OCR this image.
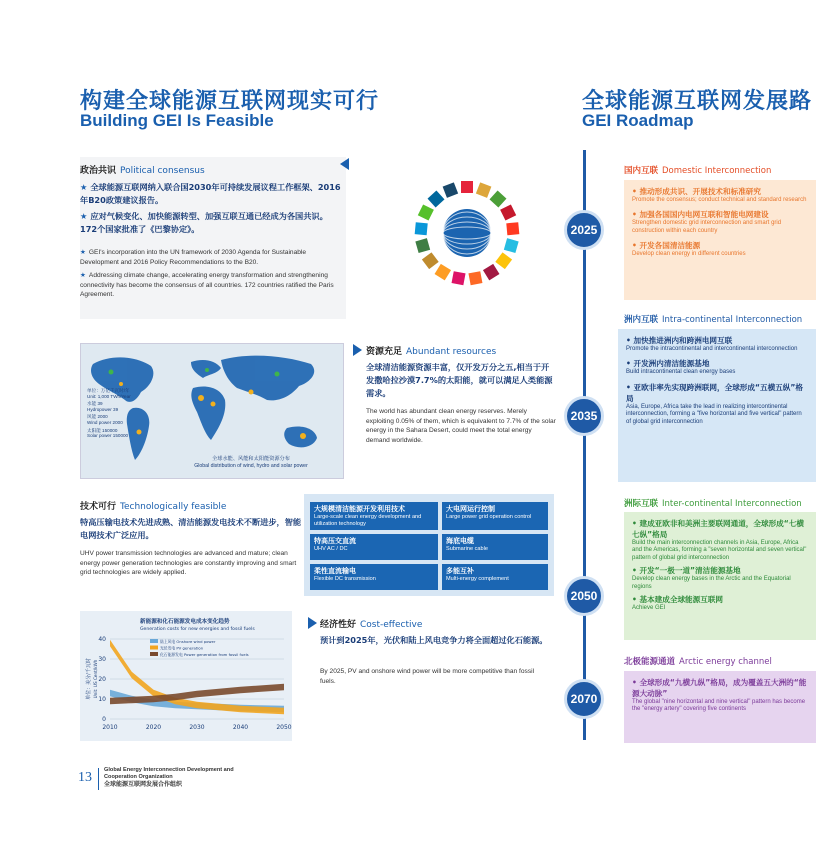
构建全球能源互联网现实可行
Building GEI Is Feasible
全球能源互联网发展路
GEI Roadmap
政治共识 Political consensus
★ 全球能源互联网纳入联合国2030年可持续发展议程工作框架、2016年B20政策建议报告。
★ 应对气候变化、加快能源转型、加强互联互通已经成为各国共识。172个国家批准了《巴黎协定》。
★ GEI's incorporation into the UN framework of 2030 Agenda for Sustainable Development and 2016 Policy Recommendations to the B20.
★ Addressing climate change, accelerating energy transformation and strengthening connectivity has become the consensus of all countries. 172 countries ratified the Paris Agreement.
单位：万亿千瓦时/年
Unit: 1,000 TWh/Year
水能 39
Hydropower 39
风能 2000
Wind power 2000
太阳能 150000
Solar power 150000
全球水能、风能和太阳能资源分布
Global distribution of wind, hydro and solar power
资源充足 Abundant resources
全球清洁能源资源丰富，仅开发万分之五,相当于开发撒哈拉沙漠7.7%的太阳能，就可以满足人类能源需求。
The world has abundant clean energy reserves. Merely exploiting 0.05% of them, which is equivalent to 7.7% of the solar energy in the Sahara Desert, could meet the total energy demand worldwide.
技术可行 Technologically feasible
特高压输电技术先进成熟、清洁能源发电技术不断进步，智能电网技术广泛应用。
UHV power transmission technologies are advanced and mature; clean energy power generation technologies are constantly improving and smart grid technologies are widely applied.
大规模清洁能源开发利用技术
Large-scale clean energy development and utilization technology
大电网运行控制
Large power grid operation control
特高压交直流
UHV AC / DC
海底电缆
Submarine cable
柔性直流输电
Flexible DC transmission
多能互补
Multi-energy complement
新能源和化石能源发电成本变化趋势
Generation costs for new energies and fossil fuels
0
10
20
30
40
2010	2020	2030	2040	2050
单位：美分/千瓦时 Unit: US Cent/kWh
陆上风电 Onshore wind power
光伏发电 PV generation
化石能源发电 Power generation from fossil fuels
经济性好 Cost-effective
预计到2025年，光伏和陆上风电竞争力将全面超过化石能源。
By 2025, PV and onshore wind power will be more competitive than fossil fuels.
2025
2035
2050
2070
国内互联 Domestic Interconnection
• 推动形成共识、开展技术和标准研究
Promote the consensus; conduct technical and standard research
• 加强各国国内电网互联和智能电网建设
Strengthen domestic grid interconnection and smart grid construction within each country
• 开发各国清洁能源
Develop clean energy in different countries
洲内互联 Intra-continental Interconnection
• 加快推进洲内和跨洲电网互联
Promote the intracontinental and intercontinental interconnection
• 开发洲内清洁能源基地
Build intracontinental clean energy bases
• 亚欧非率先实现跨洲联网，全球形成“五横五纵”格局
Asia, Europe, Africa take the lead in realizing intercontinental interconnection, forming a "five horizontal and five vertical" pattern of global grid interconnection
洲际互联 Inter-continental Interconnection
• 建成亚欧非和美洲主要联网通道，全球形成“七横七纵”格局
Build the main interconnection channels in Asia, Europe, Africa and the Americas, forming a "seven horizontal and seven vertical" pattern of global grid interconnection
• 开发“一极一道”清洁能源基地
Develop clean energy bases in the Arctic and the Equatorial regions
• 基本建成全球能源互联网
Achieve GEI
北极能源通道 Arctic energy channel
• 全球形成“九横九纵”格局，成为覆盖五大洲的“能源大动脉”
The global "nine horizontal and nine vertical" pattern has become the "energy artery" covering five continents
13 Global Energy Interconnection Development and Cooperation Organization
全球能源互联网发展合作组织
